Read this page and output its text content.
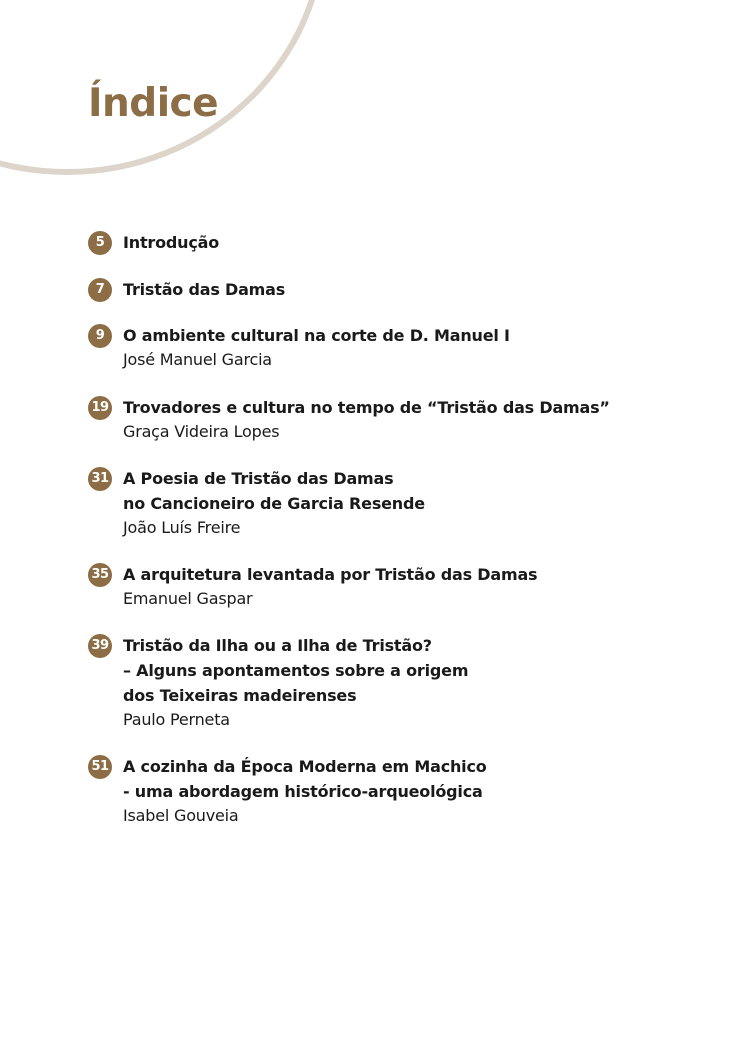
Índice
5	Introdução
7	Tristão das Damas
9	O ambiente cultural na corte de D. Manuel I
José Manuel Garcia
19 Trovadores e cultura no tempo de “Tristão das Damas”
Graça Videira Lopes
31 A Poesia de Tristão das Damas
no Cancioneiro de Garcia Resende
João Luís Freire
35 A arquitetura levantada por Tristão das Damas
Emanuel Gaspar
39 Tristão da Ilha ou a Ilha de Tristão?
– Alguns apontamentos sobre a origem
dos Teixeiras madeirenses
Paulo Perneta
51 A cozinha da Época Moderna em Machico
- uma abordagem histórico-arqueológica
Isabel Gouveia
